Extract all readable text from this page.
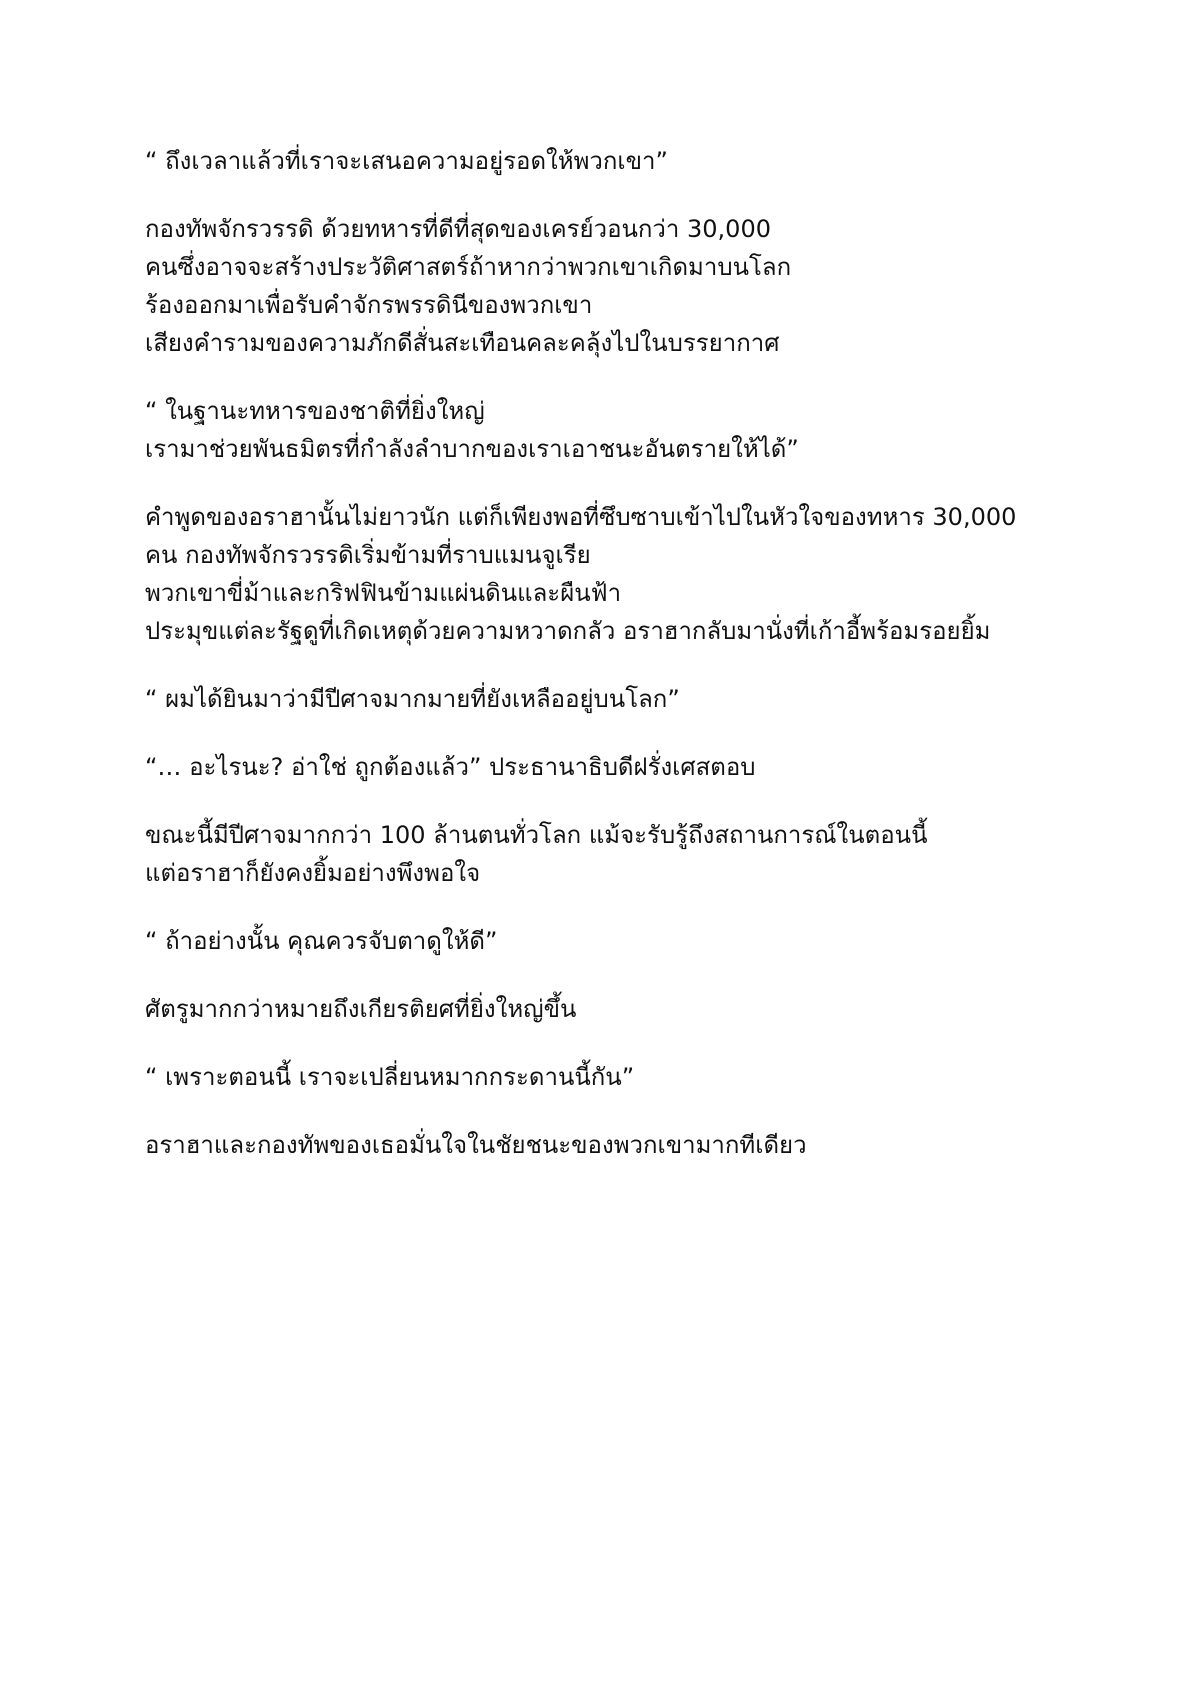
“ ถึงเวลาแล้วที่เราจะเสนอความอยู่รอดให้พวกเขา”

กองทัพจักรวรรดิ ด้วยทหารที่ดีที่สุดของเครย์วอนกว่า 30,000
คนซึ่งอาจจะสร้างประวัติศาสตร์ถ้าหากว่าพวกเขาเกิดมาบนโลก
ร้องออกมาเพื่อรับคำจักรพรรดินีของพวกเขา
เสียงคำรามของความภักดีสั่นสะเทือนคละคลุ้งไปในบรรยากาศ

“ ในฐานะทหารของชาติที่ยิ่งใหญ่
เรามาช่วยพันธมิตรที่กำลังลำบากของเราเอาชนะอันตรายให้ได้”

คำพูดของอราฮานั้นไม่ยาวนัก แต่ก็เพียงพอที่ซึบซาบเข้าไปในหัวใจของทหาร 30,000
คน กองทัพจักรวรรดิเริ่มข้ามที่ราบแมนจูเรีย
พวกเขาขี่ม้าและกริฟฟินข้ามแผ่นดินและผืนฟ้า
ประมุขแต่ละรัฐดูที่เกิดเหตุด้วยความหวาดกลัว อราฮากลับมานั่งที่เก้าอี้พร้อมรอยยิ้ม

“ ผมได้ยินมาว่ามีปีศาจมากมายที่ยังเหลืออยู่บนโลก”

“… อะไรนะ? อ่าใช่ ถูกต้องแล้ว” ประธานาธิบดีฝรั่งเศสตอบ

ขณะนี้มีปีศาจมากกว่า 100 ล้านตนทั่วโลก แม้จะรับรู้ถึงสถานการณ์ในตอนนี้
แต่อราฮาก็ยังคงยิ้มอย่างพึงพอใจ

“ ถ้าอย่างนั้น คุณควรจับตาดูให้ดี”

ศัตรูมากกว่าหมายถึงเกียรติยศที่ยิ่งใหญ่ขึ้น

“ เพราะตอนนี้ เราจะเปลี่ยนหมากกระดานนี้กัน”

อราฮาและกองทัพของเธอมั่นใจในชัยชนะของพวกเขามากทีเดียว
